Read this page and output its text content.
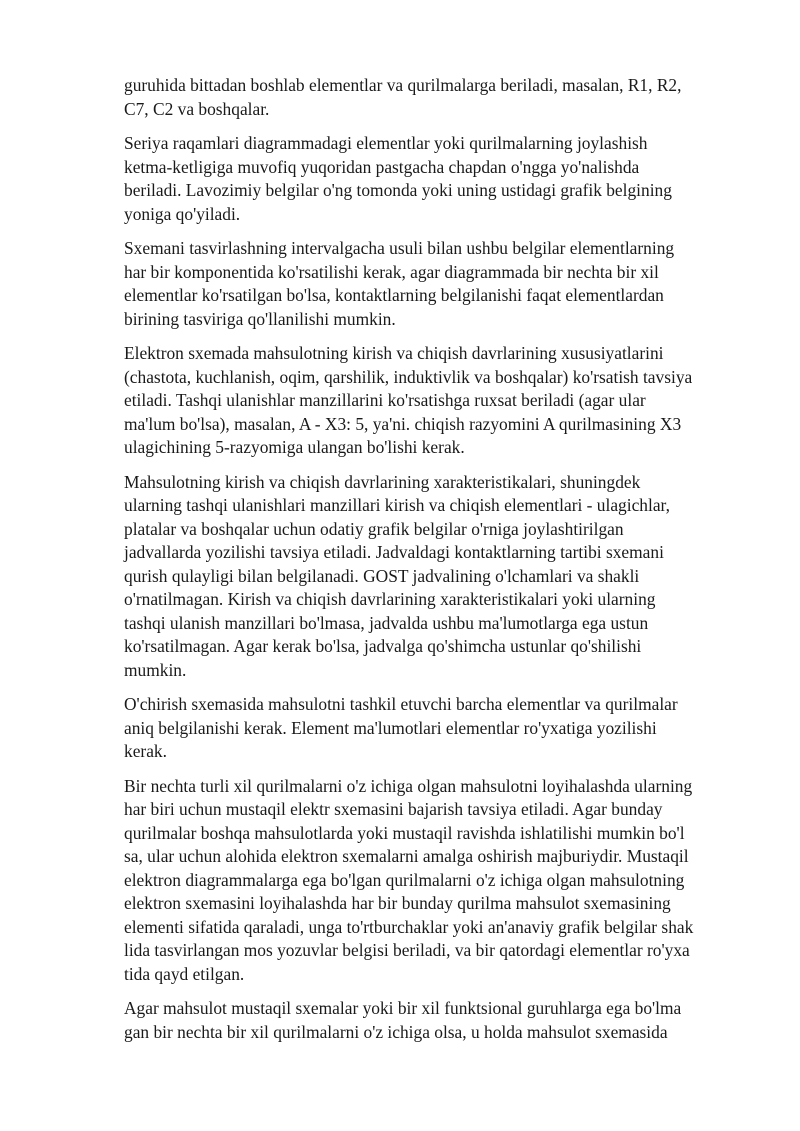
guruhida bittadan boshlab elementlar va qurilmalarga beriladi, masalan, R1, R2,
C7, C2 va boshqalar.

Seriya raqamlari diagrammadagi elementlar yoki qurilmalarning joylashish
ketma-ketligiga muvofiq yuqoridan pastgacha chapdan o'ngga yo'nalishda
beriladi. Lavozimiy belgilar o'ng tomonda yoki uning ustidagi grafik belgining
yoniga qo'yiladi.

Sxemani tasvirlashning intervalgacha usuli bilan ushbu belgilar elementlarning
har bir komponentida ko'rsatilishi kerak, agar diagrammada bir nechta bir xil
elementlar ko'rsatilgan bo'lsa, kontaktlarning belgilanishi faqat elementlardan
birining tasviriga qo'llanilishi mumkin.

Elektron sxemada mahsulotning kirish va chiqish davrlarining xususiyatlarini
(chastota, kuchlanish, oqim, qarshilik, induktivlik va boshqalar) ko'rsatish tavsiya
etiladi. Tashqi ulanishlar manzillarini ko'rsatishga ruxsat beriladi (agar ular
ma'lum bo'lsa), masalan, A - X3: 5, ya'ni. chiqish razyomini A qurilmasining X3
ulagichining 5-razyomiga ulangan bo'lishi kerak.

Mahsulotning kirish va chiqish davrlarining xarakteristikalari, shuningdek
ularning tashqi ulanishlari manzillari kirish va chiqish elementlari - ulagichlar,
platalar va boshqalar uchun odatiy grafik belgilar o'rniga joylashtirilgan
jadvallarda yozilishi tavsiya etiladi. Jadvaldagi kontaktlarning tartibi sxemani
qurish qulayligi bilan belgilanadi. GOST jadvalining o'lchamlari va shakli
o'rnatilmagan. Kirish va chiqish davrlarining xarakteristikalari yoki ularning
tashqi ulanish manzillari bo'lmasa, jadvalda ushbu ma'lumotlarga ega ustun
ko'rsatilmagan. Agar kerak bo'lsa, jadvalga qo'shimcha ustunlar qo'shilishi
mumkin.

O'chirish sxemasida mahsulotni tashkil etuvchi barcha elementlar va qurilmalar
aniq belgilanishi kerak. Element ma'lumotlari elementlar ro'yxatiga yozilishi
kerak.

Bir nechta turli xil qurilmalarni o'z ichiga olgan mahsulotni loyihalashda ularning
har biri uchun mustaqil elektr sxemasini bajarish tavsiya etiladi. Agar bunday
qurilmalar boshqa mahsulotlarda yoki mustaqil ravishda ishlatilishi mumkin bo'l
sa, ular uchun alohida elektron sxemalarni amalga oshirish majburiydir. Mustaqil
elektron diagrammalarga ega bo'lgan qurilmalarni o'z ichiga olgan mahsulotning
elektron sxemasini loyihalashda har bir bunday qurilma mahsulot sxemasining
elementi sifatida qaraladi, unga to'rtburchaklar yoki an'anaviy grafik belgilar shak
lida tasvirlangan mos yozuvlar belgisi beriladi, va bir qatordagi elementlar ro'yxa
tida qayd etilgan.

Agar mahsulot mustaqil sxemalar yoki bir xil funktsional guruhlarga ega bo'lma
gan bir nechta bir xil qurilmalarni o'z ichiga olsa, u holda mahsulot sxemasida
